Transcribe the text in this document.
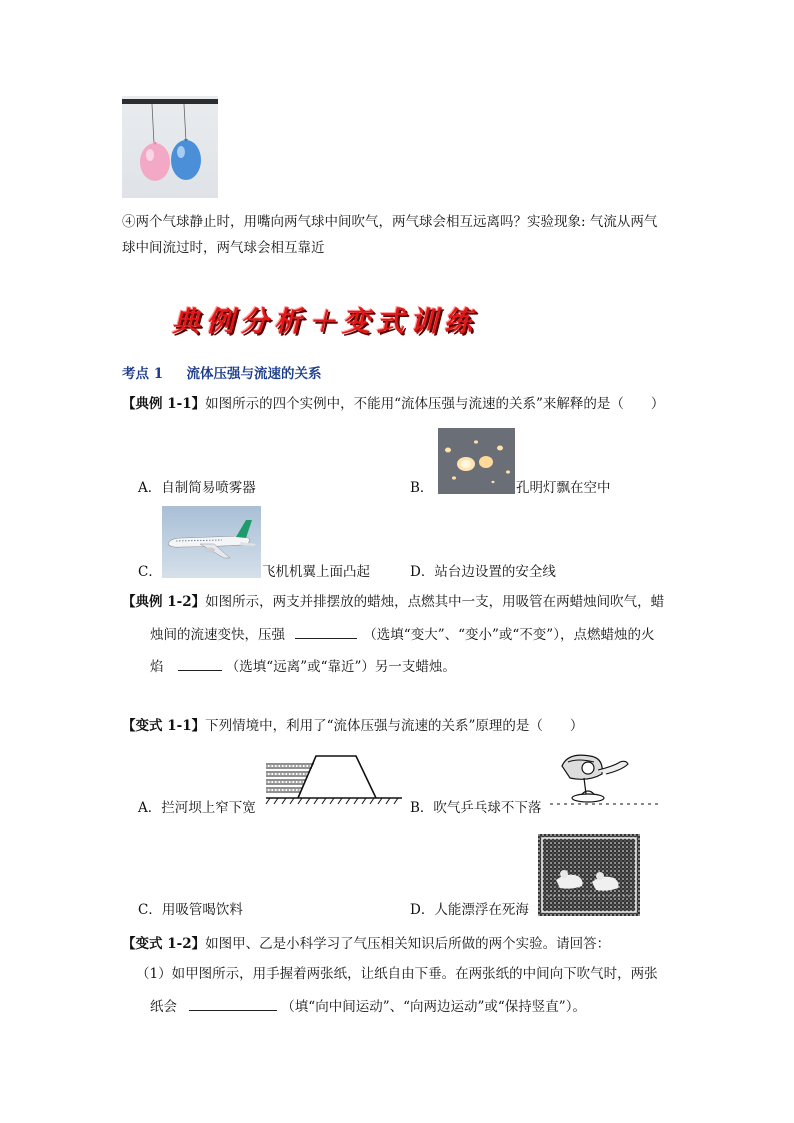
④两个气球静止时，用嘴向两气球中间吹气，两气球会相互远离吗？实验现象: 气流从两气
球中间流过时，两气球会相互靠近
典例分析＋变式训练
考点 1 流体压强与流速的关系
【典例 1-1】如图所示的四个实例中，不能用“流体压强与流速的关系”来解释的是（　　）
A．自制简易喷雾器	B．	孔明灯飘在空中
C．	飞机机翼上面凸起	D．站台边设置的安全线
【典例 1-2】如图所示，两支并排摆放的蜡烛，点燃其中一支，用吸管在两蜡烛间吹气，蜡
烛间的流速变快，压强	（选填“变大”、“变小”或“不变”），点燃蜡烛的火
焰	（选填“远离”或“靠近”）另一支蜡烛。
【变式 1-1】下列情境中，利用了“流体压强与流速的关系”原理的是（　　）
A．拦河坝上窄下宽	B．吹气乒乓球不下落
C．用吸管喝饮料	D．人能漂浮在死海
【变式 1-2】如图甲、乙是小科学习了气压相关知识后所做的两个实验。请回答：
（1）如甲图所示，用手握着两张纸，让纸自由下垂。在两张纸的中间向下吹气时，两张
纸会	（填“向中间运动”、“向两边运动”或“保持竖直”）。
